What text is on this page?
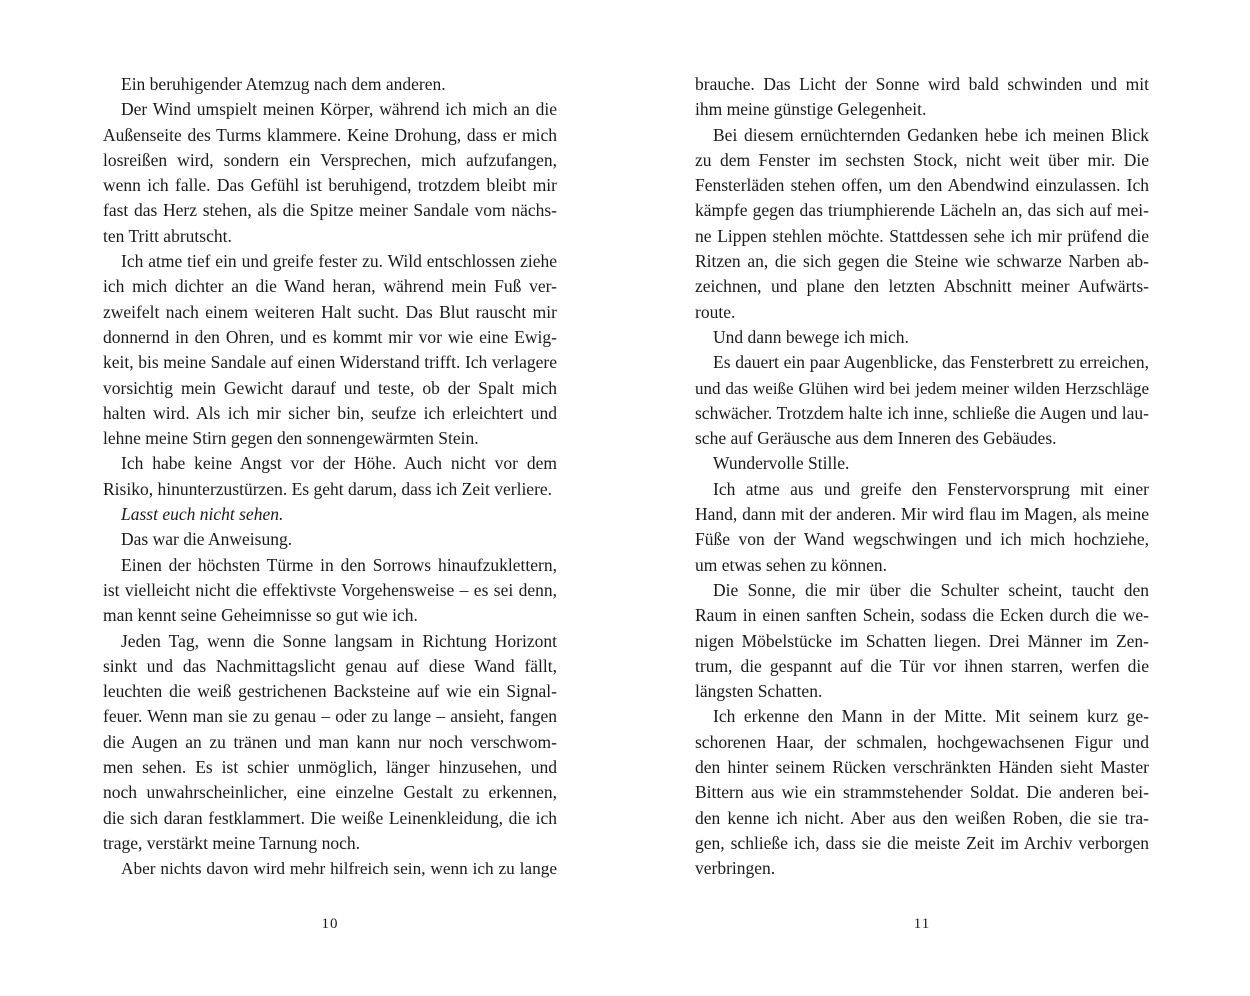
Ein beruhigender Atemzug nach dem anderen.
Der Wind umspielt meinen Körper, während ich mich an die
Außenseite des Turms klammere. Keine Drohung, dass er mich
losreißen wird, sondern ein Versprechen, mich aufzufangen,
wenn ich falle. Das Gefühl ist beruhigend, trotzdem bleibt mir
fast das Herz stehen, als die Spitze meiner Sandale vom nächs-
ten Tritt abrutscht.
Ich atme tief ein und greife fester zu. Wild entschlossen ziehe
ich mich dichter an die Wand heran, während mein Fuß ver-
zweifelt nach einem weiteren Halt sucht. Das Blut rauscht mir
donnernd in den Ohren, und es kommt mir vor wie eine Ewig-
keit, bis meine Sandale auf einen Widerstand trifft. Ich verlagere
vorsichtig mein Gewicht darauf und teste, ob der Spalt mich
halten wird. Als ich mir sicher bin, seufze ich erleichtert und
lehne meine Stirn gegen den sonnengewärmten Stein.
Ich habe keine Angst vor der Höhe. Auch nicht vor dem
Risiko, hinunterzustürzen. Es geht darum, dass ich Zeit verliere.
Lasst euch nicht sehen.
Das war die Anweisung.
Einen der höchsten Türme in den Sorrows hinaufzuklettern,
ist vielleicht nicht die effektivste Vorgehensweise – es sei denn,
man kennt seine Geheimnisse so gut wie ich.
Jeden Tag, wenn die Sonne langsam in Richtung Horizont
sinkt und das Nachmittagslicht genau auf diese Wand fällt,
leuchten die weiß gestrichenen Backsteine auf wie ein Signal-
feuer. Wenn man sie zu genau – oder zu lange – ansieht, fangen
die Augen an zu tränen und man kann nur noch verschwom-
men sehen. Es ist schier unmöglich, länger hinzusehen, und
noch unwahrscheinlicher, eine einzelne Gestalt zu erkennen,
die sich daran festklammert. Die weiße Leinenkleidung, die ich
trage, verstärkt meine Tarnung noch.
Aber nichts davon wird mehr hilfreich sein, wenn ich zu lange
10
brauche. Das Licht der Sonne wird bald schwinden und mit
ihm meine günstige Gelegenheit.
Bei diesem ernüchternden Gedanken hebe ich meinen Blick
zu dem Fenster im sechsten Stock, nicht weit über mir. Die
Fensterläden stehen offen, um den Abendwind einzulassen. Ich
kämpfe gegen das triumphierende Lächeln an, das sich auf mei-
ne Lippen stehlen möchte. Stattdessen sehe ich mir prüfend die
Ritzen an, die sich gegen die Steine wie schwarze Narben ab-
zeichnen, und plane den letzten Abschnitt meiner Aufwärts-
route.
Und dann bewege ich mich.
Es dauert ein paar Augenblicke, das Fensterbrett zu erreichen,
und das weiße Glühen wird bei jedem meiner wilden Herzschläge
schwächer. Trotzdem halte ich inne, schließe die Augen und lau-
sche auf Geräusche aus dem Inneren des Gebäudes.
Wundervolle Stille.
Ich atme aus und greife den Fenstervorsprung mit einer
Hand, dann mit der anderen. Mir wird flau im Magen, als meine
Füße von der Wand wegschwingen und ich mich hochziehe,
um etwas sehen zu können.
Die Sonne, die mir über die Schulter scheint, taucht den
Raum in einen sanften Schein, sodass die Ecken durch die we-
nigen Möbelstücke im Schatten liegen. Drei Männer im Zen-
trum, die gespannt auf die Tür vor ihnen starren, werfen die
längsten Schatten.
Ich erkenne den Mann in der Mitte. Mit seinem kurz ge-
schorenen Haar, der schmalen, hochgewachsenen Figur und
den hinter seinem Rücken verschränkten Händen sieht Master
Bittern aus wie ein strammstehender Soldat. Die anderen bei-
den kenne ich nicht. Aber aus den weißen Roben, die sie tra-
gen, schließe ich, dass sie die meiste Zeit im Archiv verborgen
verbringen.
11
